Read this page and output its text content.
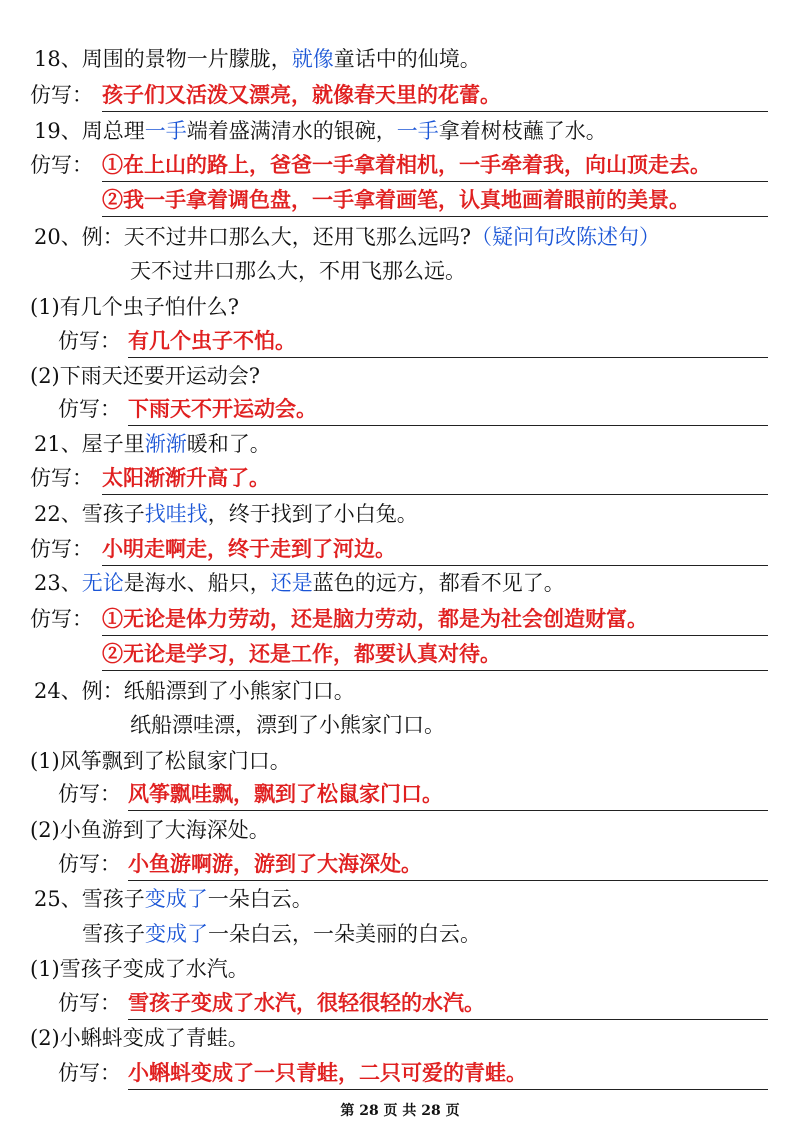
18、周围的景物一片朦胧，就像童话中的仙境。
仿写： 孩子们又活泼又漂亮，就像春天里的花蕾。
19、周总理一手端着盛满清水的银碗，一手拿着树枝蘸了水。
仿写： ①在上山的路上，爸爸一手拿着相机，一手牵着我，向山顶走去。
②我一手拿着调色盘，一手拿着画笔，认真地画着眼前的美景。
20、例：天不过井口那么大，还用飞那么远吗?（疑问句改陈述句）
天不过井口那么大，不用飞那么远。
(1)有几个虫子怕什么?
仿写： 有几个虫子不怕。
(2)下雨天还要开运动会?
仿写： 下雨天不开运动会。
21、屋子里渐渐暖和了。
仿写： 太阳渐渐升高了。
22、雪孩子找哇找，终于找到了小白兔。
仿写： 小明走啊走，终于走到了河边。
23、无论是海水、船只，还是蓝色的远方，都看不见了。
仿写： ①无论是体力劳动，还是脑力劳动，都是为社会创造财富。
②无论是学习，还是工作，都要认真对待。
24、例：纸船漂到了小熊家门口。
纸船漂哇漂，漂到了小熊家门口。
(1)风筝飘到了松鼠家门口。
仿写： 风筝飘哇飘，飘到了松鼠家门口。
(2)小鱼游到了大海深处。
仿写： 小鱼游啊游，游到了大海深处。
25、雪孩子变成了一朵白云。
雪孩子变成了一朵白云，一朵美丽的白云。
(1)雪孩子变成了水汽。
仿写： 雪孩子变成了水汽，很轻很轻的水汽。
(2)小蝌蚪变成了青蛙。
仿写： 小蝌蚪变成了一只青蛙，二只可爱的青蛙。
第 28 页 共 28 页
